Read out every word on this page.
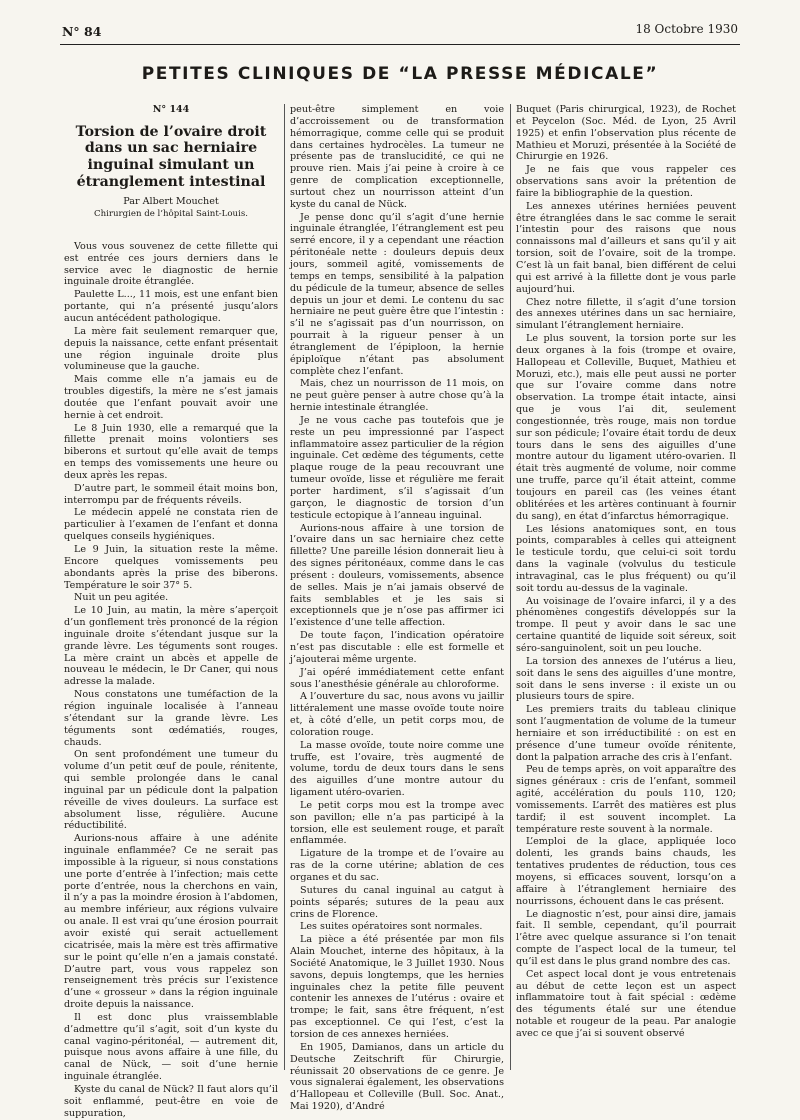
N° 84	18 Octobre 1930
PETITES CLINIQUES DE “LA PRESSE MÉDICALE”
N° 144
Torsion de l’ovaire droit dans un sac herniaire inguinal simulant un étranglement intestinal
Par Albert Mouchet
Chirurgien de l’hôpital Saint-Louis.

Vous vous souvenez de cette fillette qui est entrée ces jours derniers dans le service avec le diagnostic de hernie inguinale droite étranglée.

Paulette L..., 11 mois, est une enfant bien portante, qui n’a présenté jusqu’alors aucun antécédent pathologique.

La mère fait seulement remarquer que, depuis la naissance, cette enfant présentait une région inguinale droite plus volumineuse que la gauche.

Mais comme elle n’a jamais eu de troubles digestifs, la mère ne s’est jamais doutée que l’enfant pouvait avoir une hernie à cet endroit.

Le 8 Juin 1930, elle a remarqué que la fillette prenait moins volontiers ses biberons et surtout qu’elle avait de temps en temps des vomissements une heure ou deux après les repas.

D’autre part, le sommeil était moins bon, interrompu par de fréquents réveils.

Le médecin appelé ne constata rien de particulier à l’examen de l’enfant et donna quelques conseils hygiéniques.

Le 9 Juin, la situation reste la même. Encore quelques vomissements peu abondants après la prise des biberons. Température le soir 37° 5.

Nuit un peu agitée.

Le 10 Juin, au matin, la mère s’aperçoit d’un gonflement très prononcé de la région inguinale droite s’étendant jusque sur la grande lèvre. Les téguments sont rouges. La mère craint un abcès et appelle de nouveau le médecin, le Dr Caner, qui nous adresse la malade.

Nous constatons une tuméfaction de la région inguinale localisée à l’anneau s’étendant sur la grande lèvre. Les téguments sont œdématiés, rouges, chauds.

On sent profondément une tumeur du volume d’un petit œuf de poule, rénitente, qui semble prolongée dans le canal inguinal par un pédicule dont la palpation réveille de vives douleurs. La surface est absolument lisse, régulière. Aucune réductibilité.

Aurions-nous affaire à une adénite inguinale enflammée? Ce ne serait pas impossible à la rigueur, si nous constations une porte d’entrée à l’infection; mais cette porte d’entrée, nous la cherchons en vain, il n’y a pas la moindre érosion à l’abdomen, au membre inférieur, aux régions vulvaire ou anale. Il est vrai qu’une érosion pourrait avoir existé qui serait actuellement cicatrisée, mais la mère est très affirmative sur le point qu’elle n’en a jamais constaté. D’autre part, vous vous rappelez son renseignement très précis sur l’existence d’une « grosseur » dans la région inguinale droite depuis la naissance.

Il est donc plus vraissemblable d’admettre qu’il s’agit, soit d’un kyste du canal vagino-péritonéal, — autrement dit, puisque nous avons affaire à une fille, du canal de Nück, — soit d’une hernie inguinale étranglée.

Kyste du canal de Nück? Il faut alors qu’il soit enflammé, peut-être en voie de suppuration,

peut-être simplement en voie d’accroissement ou de transformation hémorragique, comme celle qui se produit dans certaines hydrocèles. La tumeur ne présente pas de translucidité, ce qui ne prouve rien. Mais j’ai peine à croire à ce genre de complication exceptionnelle, surtout chez un nourrisson atteint d’un kyste du canal de Nück.

Je pense donc qu’il s’agit d’une hernie inguinale étranglée, l’étranglement est peu serré encore, il y a cependant une réaction péritonéale nette : douleurs depuis deux jours, sommeil agité, vomissements de temps en temps, sensibilité à la palpation du pédicule de la tumeur, absence de selles depuis un jour et demi. Le contenu du sac herniaire ne peut guère être que l’intestin : s’il ne s’agissait pas d’un nourrisson, on pourrait à la rigueur penser à un étranglement de l’épiploon, la hernie épiploïque n’étant pas absolument complète chez l’enfant.

Mais, chez un nourrisson de 11 mois, on ne peut guère penser à autre chose qu’à la hernie intestinale étranglée.

Je ne vous cache pas toutefois que je reste un peu impressionné par l’aspect inflammatoire assez particulier de la région inguinale. Cet œdème des téguments, cette plaque rouge de la peau recouvrant une tumeur ovoïde, lisse et régulière me ferait porter hardiment, s’il s’agissait d’un garçon, le diagnostic de torsion d’un testicule ectopique à l’anneau inguinal.

Aurions-nous affaire à une torsion de l’ovaire dans un sac herniaire chez cette fillette? Une pareille lésion donnerait lieu à des signes péritonéaux, comme dans le cas présent : douleurs, vomissements, absence de selles. Mais je n’ai jamais observé de faits semblables et je les sais si exceptionnels que je n’ose pas affirmer ici l’existence d’une telle affection.

De toute façon, l’indication opératoire n’est pas discutable : elle est formelle et j’ajouterai même urgente.

J’ai opéré immédiatement cette enfant sous l’anesthésie générale au chloroforme.

A l’ouverture du sac, nous avons vu jaillir littéralement une masse ovoïde toute noire et, à côté d’elle, un petit corps mou, de coloration rouge.

La masse ovoïde, toute noire comme une truffe, est l’ovaire, très augmenté de volume, tordu de deux tours dans le sens des aiguilles d’une montre autour du ligament utéro-ovarien.

Le petit corps mou est la trompe avec son pavillon; elle n’a pas participé à la torsion, elle est seulement rouge, et paraît enflammée.

Ligature de la trompe et de l’ovaire au ras de la corne utérine; ablation de ces organes et du sac.

Sutures du canal inguinal au catgut à points séparés; sutures de la peau aux crins de Florence.

Les suites opératoires sont normales.

La pièce a été présentée par mon fils Alain Mouchet, interne des hôpitaux, à la Société Anatomique, le 3 Juillet 1930. Nous savons, depuis longtemps, que les hernies inguinales chez la petite fille peuvent contenir les annexes de l’utérus : ovaire et trompe; le fait, sans être fréquent, n’est pas exceptionnel. Ce qui l’est, c’est la torsion de ces annexes herniées.

En 1905, Damianos, dans un article du Deutsche Zeitschrift für Chirurgie, réunissait 20 observations de ce genre. Je vous signalerai également, les observations d’Hallopeau et Colleville (Bull. Soc. Anat., Mai 1920), d’André

Buquet (Paris chirurgical, 1923), de Rochet et Peycelon (Soc. Méd. de Lyon, 25 Avril 1925) et enfin l’observation plus récente de Mathieu et Moruzi, présentée à la Société de Chirurgie en 1926.

Je ne fais que vous rappeler ces observations sans avoir la prétention de faire la bibliographie de la question.

Les annexes utérines herniées peuvent être étranglées dans le sac comme le serait l’intestin pour des raisons que nous connaissons mal d’ailleurs et sans qu’il y ait torsion, soit de l’ovaire, soit de la trompe. C’est là un fait banal, bien différent de celui qui est arrivé à la fillette dont je vous parle aujourd’hui.

Chez notre fillette, il s’agit d’une torsion des annexes utérines dans un sac herniaire, simulant l’étranglement herniaire.

Le plus souvent, la torsion porte sur les deux organes à la fois (trompe et ovaire, Hallopeau et Colleville, Buquet, Mathieu et Moruzi, etc.), mais elle peut aussi ne porter que sur l’ovaire comme dans notre observation. La trompe était intacte, ainsi que je vous l’ai dit, seulement congestionnée, très rouge, mais non tordue sur son pédicule; l’ovaire était tordu de deux tours dans le sens des aiguilles d’une montre autour du ligament utéro-ovarien. Il était très augmenté de volume, noir comme une truffe, parce qu’il était atteint, comme toujours en pareil cas (les veines étant oblitérées et les artères continuant à fournir du sang), en état d’infarctus hémorragique.

Les lésions anatomiques sont, en tous points, comparables à celles qui atteignent le testicule tordu, que celui-ci soit tordu dans la vaginale (volvulus du testicule intravaginal, cas le plus fréquent) ou qu’il soit tordu au-dessus de la vaginale.

Au voisinage de l’ovaire infarci, il y a des phénomènes congestifs développés sur la trompe. Il peut y avoir dans le sac une certaine quantité de liquide soit séreux, soit séro-sanguinolent, soit un peu louche.

La torsion des annexes de l’utérus a lieu, soit dans le sens des aiguilles d’une montre, soit dans le sens inverse : il existe un ou plusieurs tours de spire.

Les premiers traits du tableau clinique sont l’augmentation de volume de la tumeur herniaire et son irréductibilité : on est en présence d’une tumeur ovoïde rénitente, dont la palpation arrache des cris à l’enfant.

Peu de temps après, on voit apparaître des signes généraux : cris de l’enfant, sommeil agité, accélération du pouls 110, 120; vomissements. L’arrêt des matières est plus tardif; il est souvent incomplet. La température reste souvent à la normale.

L’emploi de la glace, appliquée loco dolenti, les grands bains chauds, les tentatives prudentes de réduction, tous ces moyens, si efficaces souvent, lorsqu’on a affaire à l’étranglement herniaire des nourrissons, échouent dans le cas présent.

Le diagnostic n’est, pour ainsi dire, jamais fait. Il semble, cependant, qu’il pourrait l’être avec quelque assurance si l’on tenait compte de l’aspect local de la tumeur, tel qu’il est dans le plus grand nombre des cas.

Cet aspect local dont je vous entretenais au début de cette leçon est un aspect inflammatoire tout à fait spécial : œdème des téguments étalé sur une étendue notable et rougeur de la peau. Par analogie avec ce que j’ai si souvent observé
